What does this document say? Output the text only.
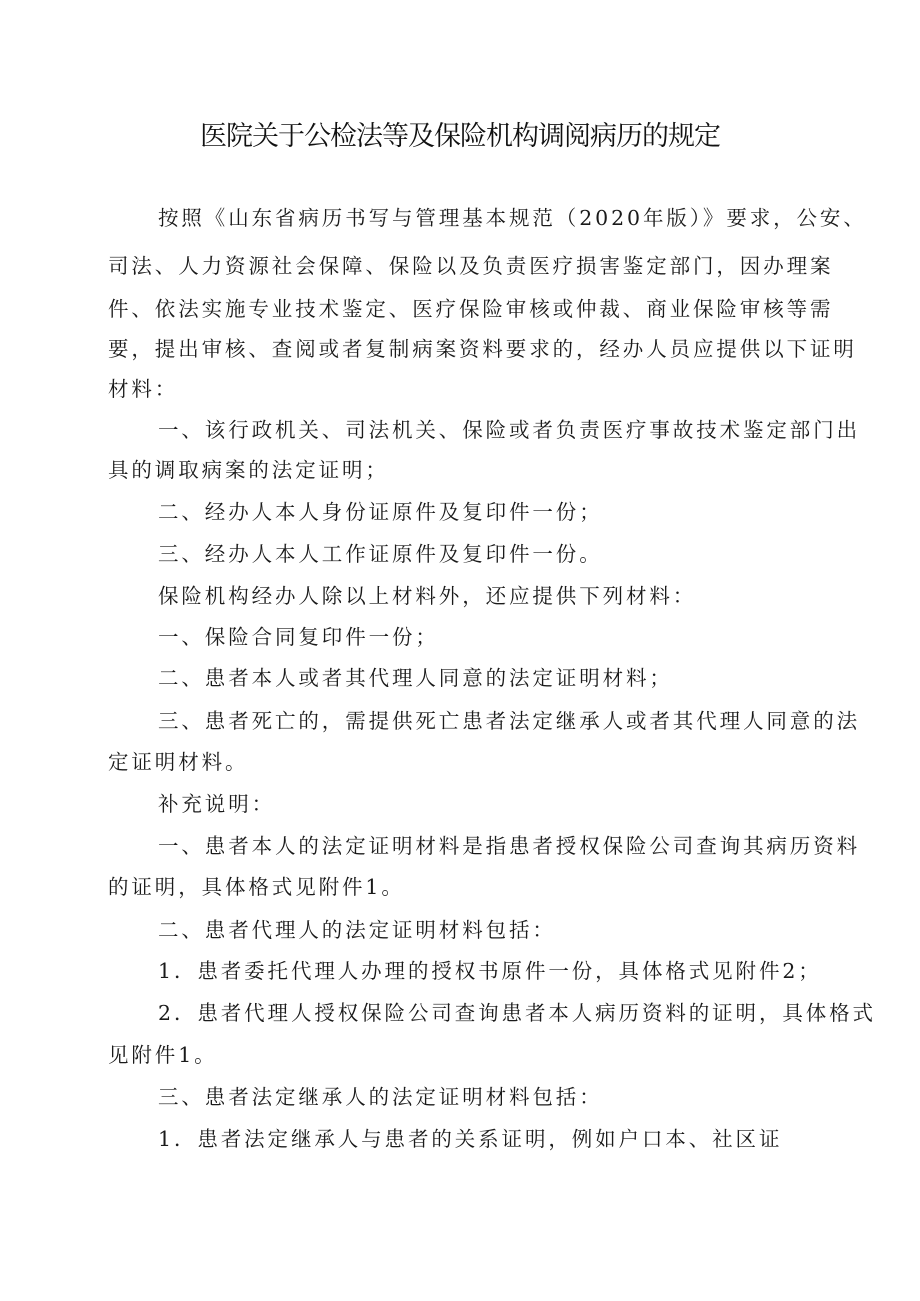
医院关于公检法等及保险机构调阅病历的规定
按照《山东省病历书写与管理基本规范（2020年版）》要求，公安、
司法、人力资源社会保障、保险以及负责医疗损害鉴定部门，因办理案
件、依法实施专业技术鉴定、医疗保险审核或仲裁、商业保险审核等需
要，提出审核、查阅或者复制病案资料要求的，经办人员应提供以下证明
材料：
一、该行政机关、司法机关、保险或者负责医疗事故技术鉴定部门出
具的调取病案的法定证明；
二、经办人本人身份证原件及复印件一份；
三、经办人本人工作证原件及复印件一份。
保险机构经办人除以上材料外，还应提供下列材料：
一、保险合同复印件一份；
二、患者本人或者其代理人同意的法定证明材料；
三、患者死亡的，需提供死亡患者法定继承人或者其代理人同意的法
定证明材料。
补充说明：
一、患者本人的法定证明材料是指患者授权保险公司查询其病历资料
的证明，具体格式见附件1。
二、患者代理人的法定证明材料包括：
1．患者委托代理人办理的授权书原件一份，具体格式见附件2；
2．患者代理人授权保险公司查询患者本人病历资料的证明，具体格式
见附件1。
三、患者法定继承人的法定证明材料包括：
1．患者法定继承人与患者的关系证明，例如户口本、社区证
